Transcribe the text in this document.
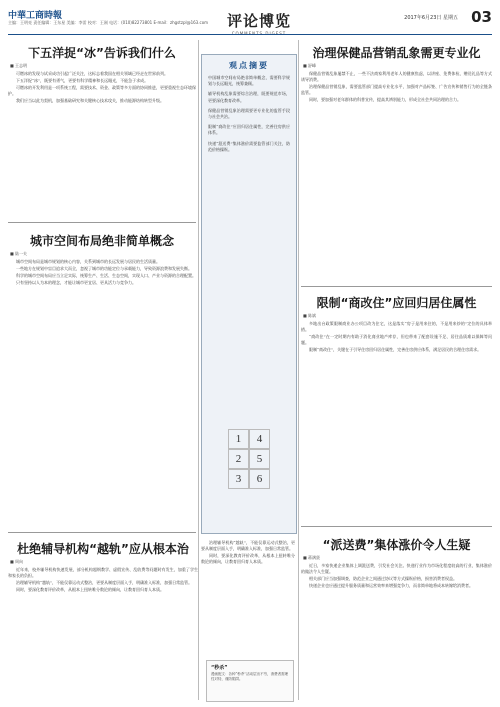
中華工商時報
主编：王明亮 责任编辑：王东星 美编：李雷 校对：王刚 电话：(010)82273801 E-mail：zhgstzpl@163.com	评论博览	2017年6月23日 星期五 03
下五洋捉“冰”告诉我们什么
■ 王志明

可燃冰的发现与试采成功引起广泛关注，这标志着我国在相关领域已经走在世界前列。

下五洋捉“冰”，既要有勇气，更要有科学精神和长远眼光，不能急于求成。

可燃冰的开发利用是一项系统工程，需要技术、资金、政策等多方面的协同推进，更要重视生态环境保护。

我们应当以此为契机，加强基础研究和关键核心技术攻关，推动能源结构转型升级。

城市空间布局绝非简单概念
■ 陆一夫

城市空间布局是城市规划的核心内容，关系到城市的长远发展与居民的生活质量。

一些地方在规划中盲目追求大而全，忽视了城市的功能定位与承载能力，导致资源浪费和发展失衡。

科学的城市空间布局应当立足实际，统筹生产、生活、生态空间，实现人口、产业与资源的合理配置。

只有坚持以人为本的理念，才能让城市更宜居、更具活力与竞争力。

杜绝辅导机构“越轨”应从根本治
■ 周向

近年来，校外辅导机构快速发展，部分机构超纲教学、虚假宣传、乱收费等问题时有发生，加重了学生和家长的负担。

治理辅导机构“越轨”，不能仅靠运动式整治，更要从制度层面入手，明确准入标准，加强日常监管。

同时，要深化教育评价改革，从根本上扭转唯分数论的倾向，让教育回归育人本质。

观点摘要

中国城市空间布局绝非简单概念，需要科学规划与长远眼光，统筹兼顾。

辅导机构乱象需要综合治理，既要规范市场，更要深化教育改革。

保健品营销乱象治理需要更专业化的监管手段与社会共治。

限制“商改住”应回归居住属性，完善住房供应体系。

快递“派送费”集体涨价需要监管部门关注，防范价格操纵。

1	4
2	5
3	6

治理辅导机构“越轨”，不能仅靠运动式整治，更要从制度层面入手，明确准入标准，加强日常监管。

同时，要深化教育评价改革，从根本上扭转唯分数论的倾向，让教育回归育人本质。

“秒杀”
漫画配文：各种“秒杀”活动层出不穷，消费者需理性对待，谨防陷阱。
治理保健品营销乱象需更专业化
■ 舒峰

保健品营销乱象屡禁不止，一些不法商家利用老年人的健康焦虑，以讲座、免费体检、赠送礼品等方式诱导消费。

治理保健品营销乱象，需要监管部门提高专业化水平，加强对产品标签、广告宣传和销售行为的全链条监管。

同时，要加强对老年群体的科普宣传，提高其辨别能力，形成全社会共同治理的合力。

限制“商改住”应回归居住属性
■ 陈斌

多地出台政策限制商业办公项目改为住宅，这是落实“房子是用来住的，不是用来炒的”定位的具体举措。

“商改住”在一定时期内有助于消化商业地产库存，但也带来了配套设施不足、居住品质难以保障等问题。

限制“商改住”，关键在于引导住房回归居住属性，完善住房供应体系，满足居民的合理住房需求。

“派送费”集体涨价令人生疑
■ 蒋满贤

近日，多家快递企业集体上调派送费，引发社会关注。快递行业作为市场化程度较高的行业，集体涨价的做法令人生疑。

相关部门应当加强调查，防范企业之间通过协议等方式操纵价格，损害消费者权益。

快递企业也应通过提升服务质量和运营效率来增强竞争力，而非简单地将成本转嫁给消费者。
